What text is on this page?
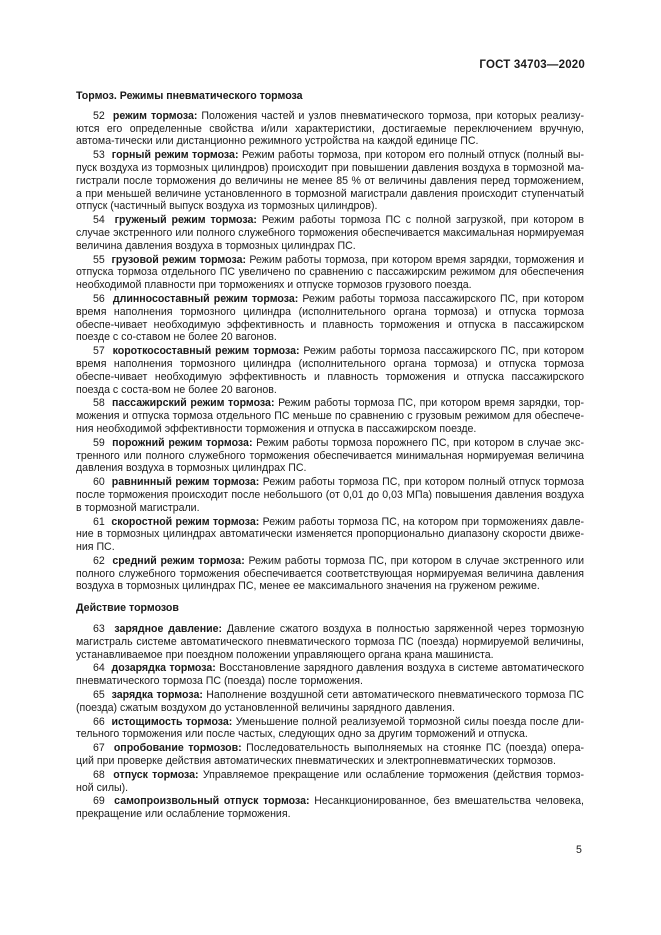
ГОСТ 34703—2020
Тормоз. Режимы пневматического тормоза
52 режим тормоза: Положения частей и узлов пневматического тормоза, при которых реализу-ются его определенные свойства и/или характеристики, достигаемые переключением вручную, автома-тически или дистанционно режимного устройства на каждой единице ПС.
53 горный режим тормоза: Режим работы тормоза, при котором его полный отпуск (полный вы-пуск воздуха из тормозных цилиндров) происходит при повышении давления воздуха в тормозной ма-гистрали после торможения до величины не менее 85 % от величины давления перед торможением, а при меньшей величине установленного в тормозной магистрали давления происходит ступенчатый отпуск (частичный выпуск воздуха из тормозных цилиндров).
54 груженый режим тормоза: Режим работы тормоза ПС с полной загрузкой, при котором в случае экстренного или полного служебного торможения обеспечивается максимальная нормируемая величина давления воздуха в тормозных цилиндрах ПС.
55 грузовой режим тормоза: Режим работы тормоза, при котором время зарядки, торможения и отпуска тормоза отдельного ПС увеличено по сравнению с пассажирским режимом для обеспечения необходимой плавности при торможениях и отпуске тормозов грузового поезда.
56 длинносоставный режим тормоза: Режим работы тормоза пассажирского ПС, при котором время наполнения тормозного цилиндра (исполнительного органа тормоза) и отпуска тормоза обеспе-чивает необходимую эффективность и плавность торможения и отпуска в пассажирском поезде с со-ставом не более 20 вагонов.
57 короткосоставный режим тормоза: Режим работы тормоза пассажирского ПС, при котором время наполнения тормозного цилиндра (исполнительного органа тормоза) и отпуска тормоза обеспе-чивает необходимую эффективность и плавность торможения и отпуска пассажирского поезда с соста-вом не более 20 вагонов.
58 пассажирский режим тормоза: Режим работы тормоза ПС, при котором время зарядки, тор-можения и отпуска тормоза отдельного ПС меньше по сравнению с грузовым режимом для обеспече-ния необходимой эффективности торможения и отпуска в пассажирском поезде.
59 порожний режим тормоза: Режим работы тормоза порожнего ПС, при котором в случае экс-тренного или полного служебного торможения обеспечивается минимальная нормируемая величина давления воздуха в тормозных цилиндрах ПС.
60 равнинный режим тормоза: Режим работы тормоза ПС, при котором полный отпуск тормоза после торможения происходит после небольшого (от 0,01 до 0,03 МПа) повышения давления воздуха в тормозной магистрали.
61 скоростной режим тормоза: Режим работы тормоза ПС, на котором при торможениях давле-ние в тормозных цилиндрах автоматически изменяется пропорционально диапазону скорости движе-ния ПС.
62 средний режим тормоза: Режим работы тормоза ПС, при котором в случае экстренного или полного служебного торможения обеспечивается соответствующая нормируемая величина давления воздуха в тормозных цилиндрах ПС, менее ее максимального значения на груженом режиме.
Действие тормозов
63 зарядное давление: Давление сжатого воздуха в полностью заряженной через тормозную магистраль системе автоматического пневматического тормоза ПС (поезда) нормируемой величины, устанавливаемое при поездном положении управляющего органа крана машиниста.
64 дозарядка тормоза: Восстановление зарядного давления воздуха в системе автоматического пневматического тормоза ПС (поезда) после торможения.
65 зарядка тормоза: Наполнение воздушной сети автоматического пневматического тормоза ПС (поезда) сжатым воздухом до установленной величины зарядного давления.
66 истощимость тормоза: Уменьшение полной реализуемой тормозной силы поезда после дли-тельного торможения или после частых, следующих одно за другим торможений и отпуска.
67 опробование тормозов: Последовательность выполняемых на стоянке ПС (поезда) опера-ций при проверке действия автоматических пневматических и электропневматических тормозов.
68 отпуск тормоза: Управляемое прекращение или ослабление торможения (действия тормоз-ной силы).
69 самопроизвольный отпуск тормоза: Несанкционированное, без вмешательства человека, прекращение или ослабление торможения.
5
